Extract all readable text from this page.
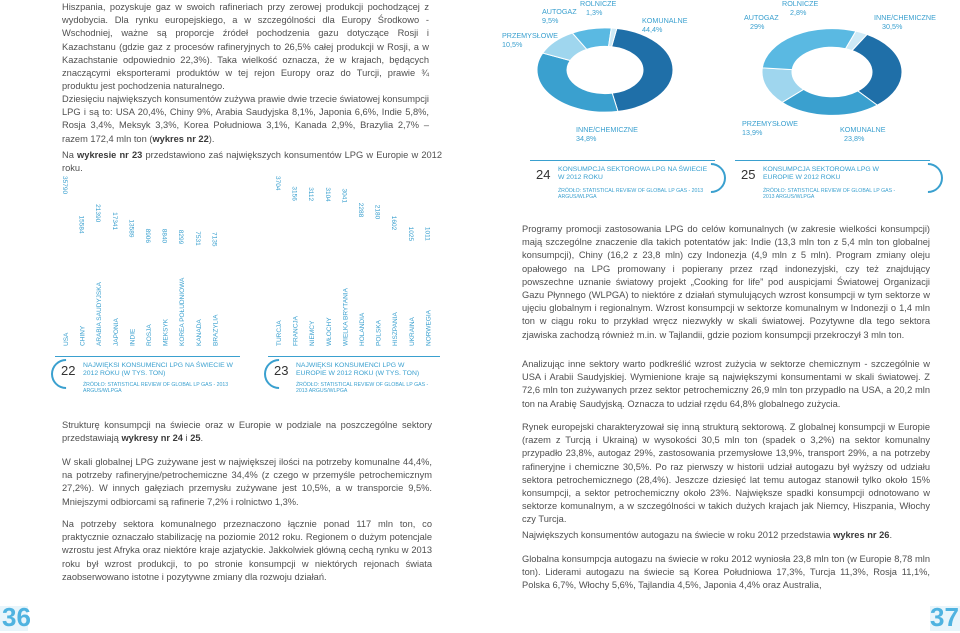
Hiszpania, pozyskuje gaz w swoich rafineriach przy zerowej produkcji pochodzącej z wydobycia. Dla rynku europejskiego, a w szczególności dla Europy Środkowo - Wschodniej, ważne są proporcje źródeł pochodzenia gazu dotyczące Rosji i Kazachstanu (gdzie gaz z procesów rafineryjnych to 26,5% całej produkcji w Rosji, a w Kazachstanie odpowiednio 22,3%). Taka wielkość oznacza, że w krajach, będących znaczącymi eksporterami produktów w tej rejon Europy oraz do Turcji, prawie ¾ produktu jest pochodzenia naturalnego.

Dziesięciu największych konsumentów zużywa prawie dwie trzecie światowej konsumpcji LPG i są to: USA 20,4%, Chiny 9%, Arabia Saudyjska 8,1%, Japonia 6,6%, Indie 5,8%, Rosja 3,4%, Meksyk 3,3%, Korea Południowa 3,1%, Kanada 2,9%, Brazylia 2,7% – razem 172,4 mln ton (wykres nr 22).

Na wykresie nr 23 przedstawiono zaś największych konsumentów LPG w Europie w 2012 roku.

35790
USA
15584
CHINY
21390
ARABIA SAUDYJSKA
17341
JAPONIA
13589
INDIE
8906
ROSJA
8840
MEKSYK
8299
KOREA POŁUDNIOWA
7531
KANADA
7135
BRAZYLIA
3704
TURCJA
3156
FRANCJA
3112
NIEMCY
3104
WŁOCHY
3041
WIELKA BRYTANIA
2288
HOLANDIA
2180
POLSKA
1602
HISZPANIA
1025
UKRAINA
1011
NORWEGIA
22 NAJWIĘKSI KONSUMENCI LPG NA ŚWIECIE W 2012 ROKU (W TYS. TON)
ŹRÓDŁO: STATISTICAL REVIEW OF GLOBAL LP GAS - 2013 ARGUS/WLPGA
23 NAJWIĘKSI KONSUMENCI LPG W EUROPIE W 2012 ROKU (W TYS. TON)
ŹRÓDŁO: STATISTICAL REVIEW OF GLOBAL LP GAS - 2013 ARGUS/WLPGA

Strukturę konsumpcji na świecie oraz w Europie w podziale na poszczególne sektory przedstawiają wykresy nr 24 i 25.

W skali globalnej LPG zużywane jest w największej ilości na potrzeby komunalne 44,4%, na potrzeby rafineryjne/petrochemiczne 34,4% (z czego w przemyśle petrochemicznym 27,2%). W innych gałęziach przemysłu zużywane jest 10,5%, a w transporcie 9,5%. Mniejszymi odbiorcami są rafinerie 7,2% i rolnictwo 1,3%.

Na potrzeby sektora komunalnego przeznaczono łącznie ponad 117 mln ton, co praktycznie oznaczało stabilizację na poziomie 2012 roku. Regionem o dużym potencjale wzrostu jest Afryka oraz niektóre kraje azjatyckie. Jakkolwiek główną cechą rynku w 2013 roku był wzrost produkcji, to po stronie konsumpcji w niektórych rejonach świata zaobserwowano istotne i pozytywne zmiany dla rozwoju działań.

36
KOMUNALNE
44,4%
INNE/CHEMICZNE
34,8%
PRZEMYSŁOWE
10,5%
AUTOGAZ
9,5%
ROLNICZE
1,3%
INNE/CHEMICZNE
30,5%
KOMUNALNE
23,8%
PRZEMYSŁOWE
13,9%
AUTOGAZ
29%
ROLNICZE
2,8%
24 KONSUMPCJA SEKTOROWA LPG NA ŚWIECIE W 2012 ROKU
ŹRÓDŁO: STATISTICAL REVIEW OF GLOBAL LP GAS - 2013 ARGUS/WLPGA
25 KONSUMPCJA SEKTOROWA LPG W EUROPIE W 2012 ROKU
ŹRÓDŁO: STATISTICAL REVIEW OF GLOBAL LP GAS - 2013 ARGUS/WLPGA

Programy promocji zastosowania LPG do celów komunalnych (w zakresie wielkości konsumpcji) mają szczególne znaczenie dla takich potentatów jak: Indie (13,3 mln ton z 5,4 mln ton globalnej konsumpcji), Chiny (16,2 z 23,8 mln) czy Indonezja (4,9 mln z 5 mln). Program zmiany oleju opałowego na LPG promowany i popierany przez rząd indonezyjski, czy też znajdujący powszechne uznanie światowy projekt „Cooking for life” pod auspicjami Światowej Organizacji Gazu Płynnego (WLPGA) to niektóre z działań stymulujących wzrost konsumpcji w tym sektorze w ujęciu globalnym i regionalnym. Wzrost konsumpcji w sektorze komunalnym w Indonezji o 1,4 mln ton w ciągu roku to przykład wręcz niezwykły w skali światowej. Pozytywne dla tego sektora zjawiska zachodzą również m.in. w Tajlandii, gdzie poziom konsumpcji przekroczył 3 mln ton.

Analizując inne sektory warto podkreślić wzrost zużycia w sektorze chemicznym - szczególnie w USA i Arabii Saudyjskiej. Wymienione kraje są największymi konsumentami w skali światowej. Z 72,6 mln ton zużywanych przez sektor petrochemiczny 26,9 mln ton przypadło na USA, a 20,2 mln ton na Arabię Saudyjską. Oznacza to udział rzędu 64,8% globalnego zużycia.

Rynek europejski charakteryzował się inną strukturą sektorową. Z globalnej konsumpcji w Europie (razem z Turcją i Ukrainą) w wysokości 30,5 mln ton (spadek o 3,2%) na sektor komunalny przypadło 23,8%, autogaz 29%, zastosowania przemysłowe 13,9%, transport 29%, a na potrzeby rafineryjne i chemiczne 30,5%. Po raz pierwszy w historii udział autogazu był wyższy od udziału sektora petrochemicznego (28,4%). Jeszcze dziesięć lat temu autogaz stanowił tylko około 15% konsumpcji, a sektor petrochemiczny około 23%. Największe spadki konsumpcji odnotowano w sektorze komunalnym, a w szczególności w takich dużych krajach jak Niemcy, Hiszpania, Włochy czy Turcja.

Największych konsumentów autogazu na świecie w roku 2012 przedstawia wykres nr 26.

Globalna konsumpcja autogazu na świecie w roku 2012 wyniosła 23,8 mln ton (w Europie 8,78 mln ton). Liderami autogazu na świecie są Korea Południowa 17,3%, Turcja 11,3%, Rosja 11,1%, Polska 6,7%, Włochy 5,6%, Tajlandia 4,5%, Japonia 4,4% oraz Australia,

37
